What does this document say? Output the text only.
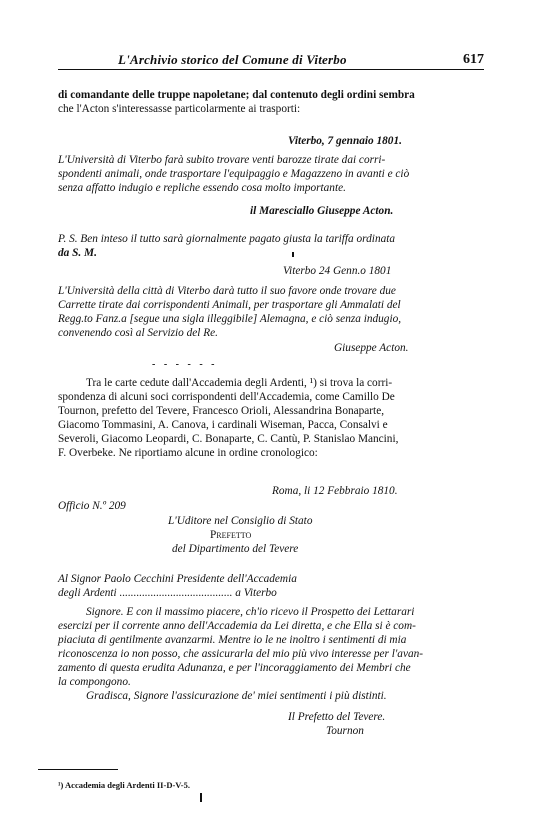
L'Archivio storico del Comune di Viterbo	617
di comandante delle truppe napoletane; dal contenuto degli ordini sembra
che l'Acton s'interessasse particolarmente ai trasporti:
Viterbo, 7 gennaio 1801.
L'Università di Viterbo farà subito trovare venti barozze tirate dai corri-
spondenti animali, onde trasportare l'equipaggio e Magazzeno in avanti e ciò
senza affatto indugio e repliche essendo cosa molto importante.
il Maresciallo Giuseppe Acton.
P. S. Ben inteso il tutto sarà giornalmente pagato giusta la tariffa ordinata
da S. M.
Viterbo 24 Genn.o 1801
L'Università della città di Viterbo darà tutto il suo favore onde trovare due
Carrette tirate dai corrispondenti Animali, per trasportare gli Ammalati del
Regg.to Fanz.a [segue una sigla illeggibile] Alemagna, e ciò senza indugio,
convenendo così al Servizio del Re.
Giuseppe Acton.
- - - - - -
Tra le carte cedute dall'Accademia degli Ardenti, ¹) si trova la corri-
spondenza di alcuni soci corrispondenti dell'Accademia, come Camillo De
Tournon, prefetto del Tevere, Francesco Orioli, Alessandrina Bonaparte,
Giacomo Tommasini, A. Canova, i cardinali Wiseman, Pacca, Consalvi e
Severoli, Giacomo Leopardi, C. Bonaparte, C. Cantù, P. Stanislao Mancini,
F. Overbeke. Ne riportiamo alcune in ordine cronologico:
Roma, li 12 Febbraio 1810.
Officio N.º 209
L'Uditore nel Consiglio di Stato
Prefetto
del Dipartimento del Tevere
Al Signor Paolo Cecchini Presidente dell'Accademia
degli Ardenti ........................................ a Viterbo
Signore. E con il massimo piacere, ch'io ricevo il Prospetto dei Lettarari
esercizi per il corrente anno dell'Accademia da Lei diretta, e che Ella si è com-
piaciuta di gentilmente avanzarmi. Mentre io le ne inoltro i sentimenti di mia
riconoscenza io non posso, che assicurarla del mio più vivo interesse per l'avan-
zamento di questa erudita Adunanza, e per l'incoraggiamento dei Membri che
la compongono.
Gradisca, Signore l'assicurazione de' miei sentimenti i più distinti.
Il Prefetto del Tevere.
Tournon
¹) Accademia degli Ardenti II-D-V-5.
